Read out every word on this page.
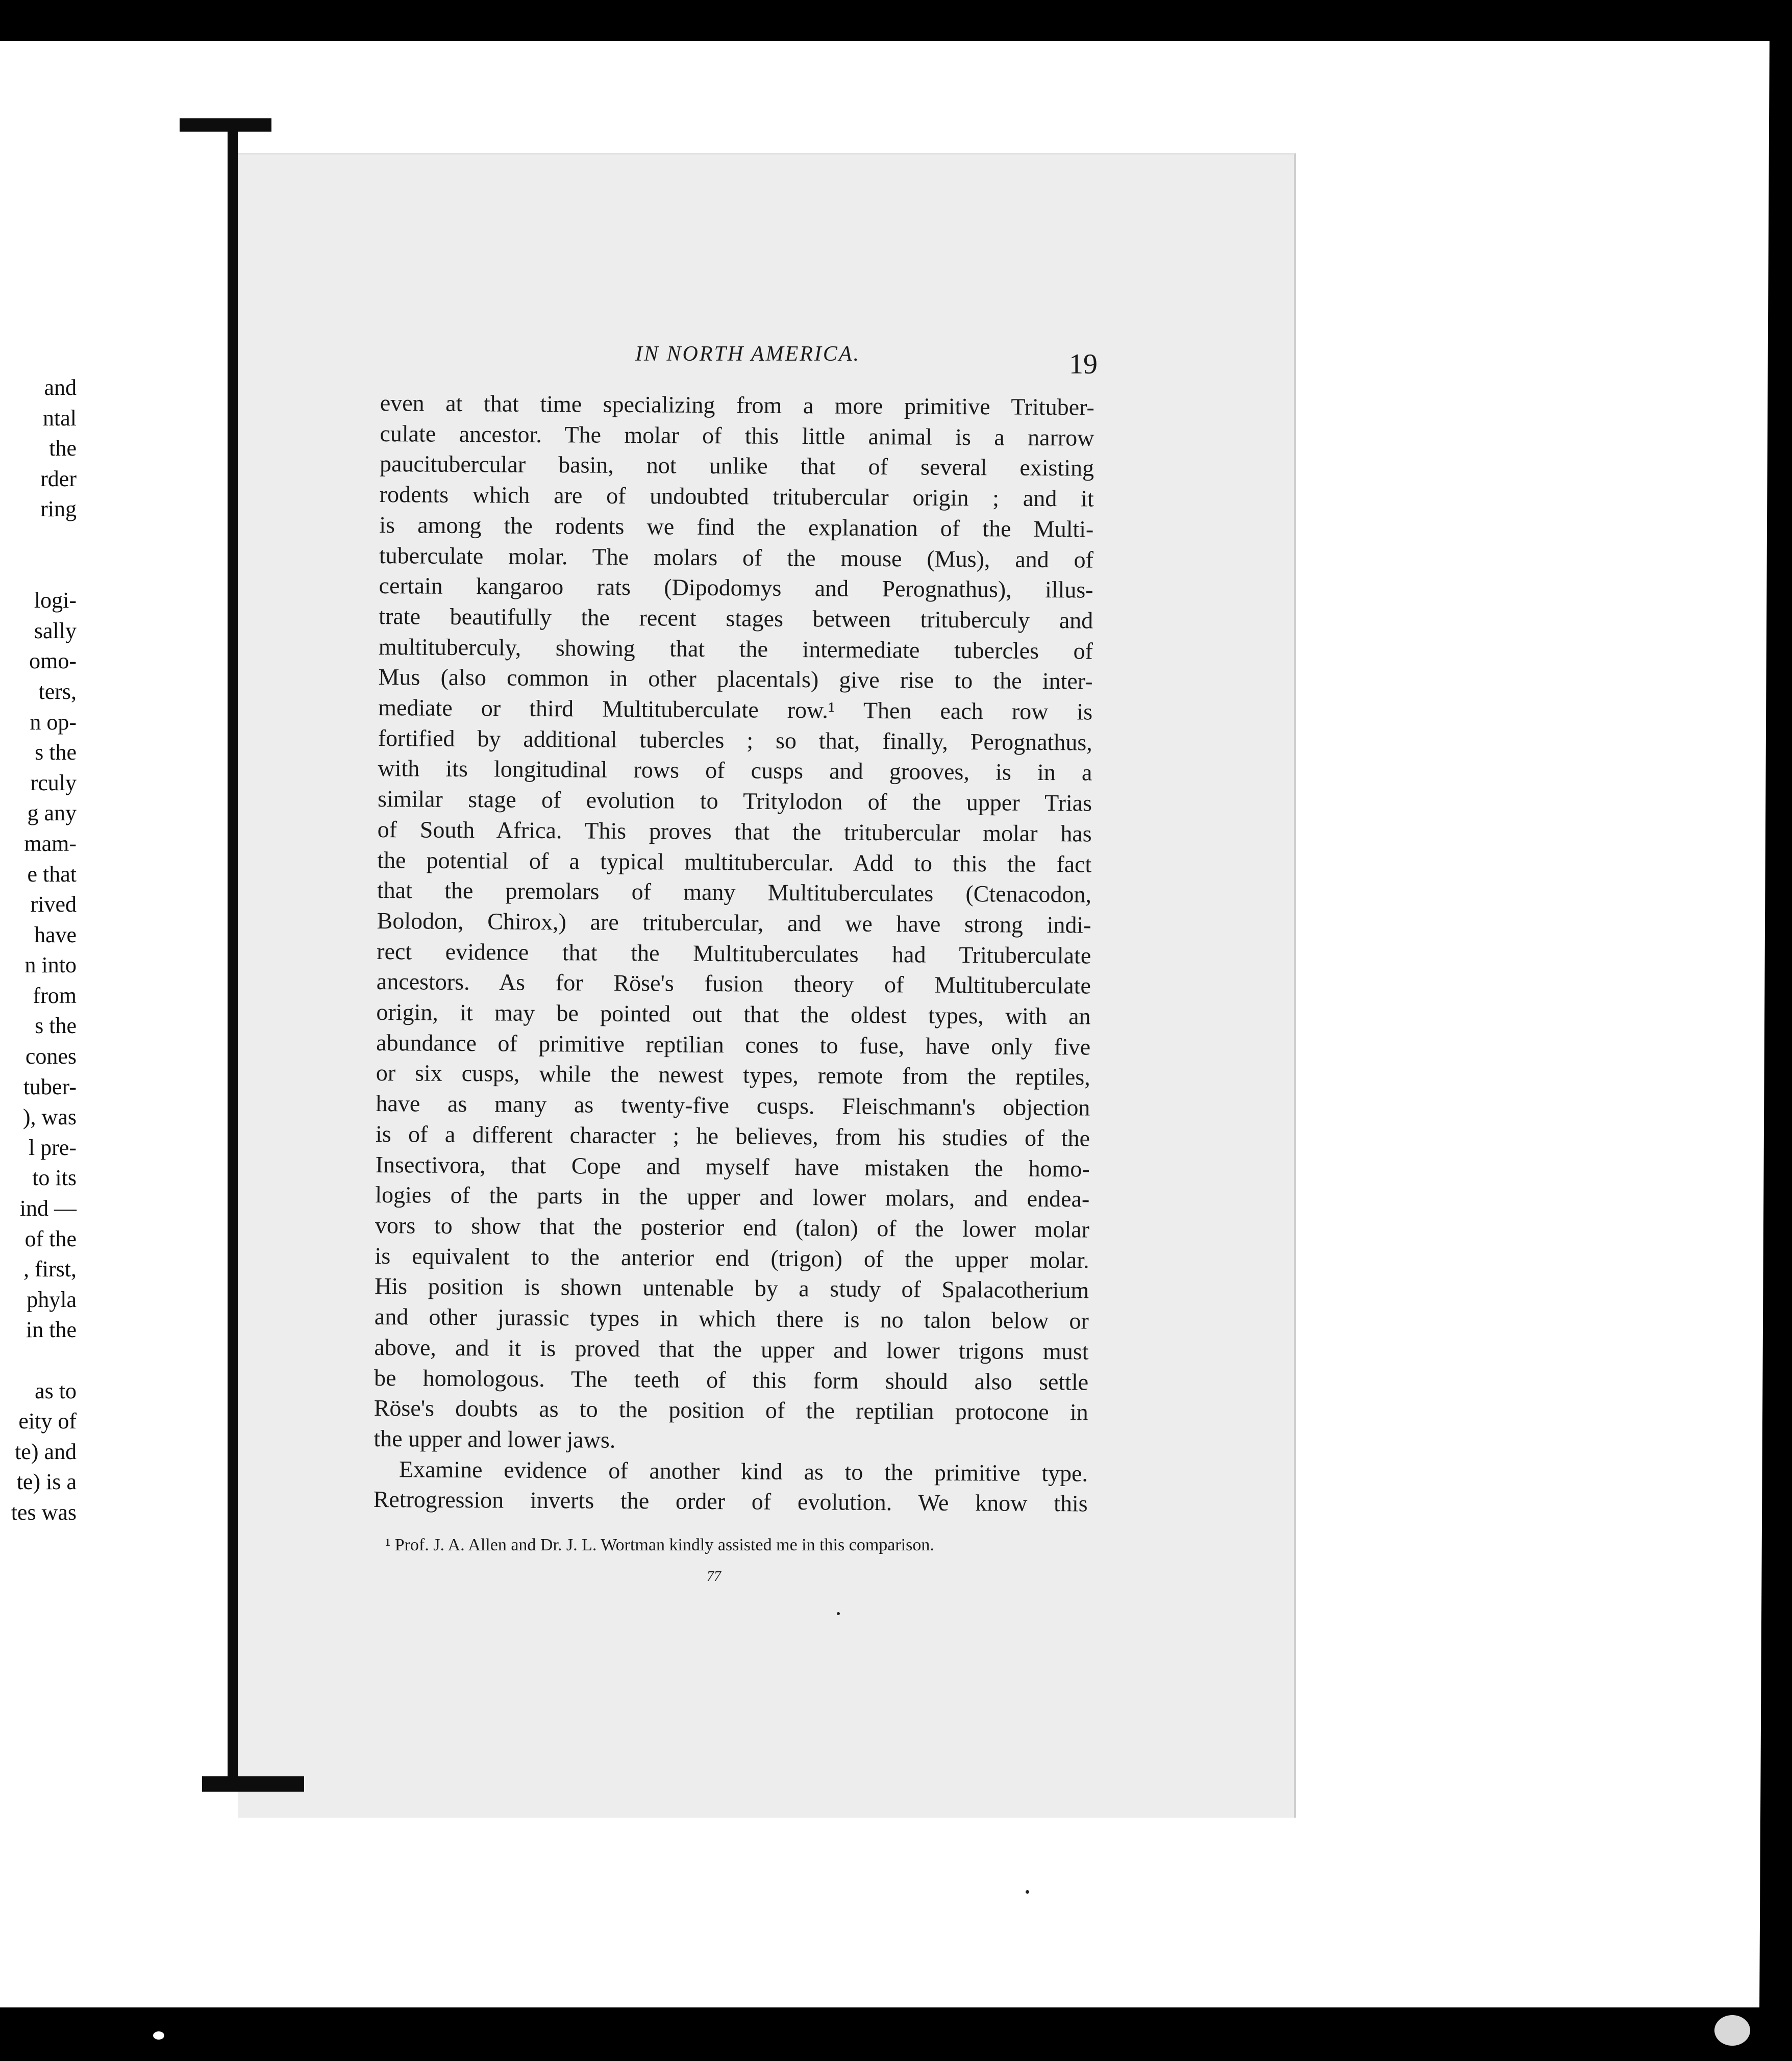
and
ntal
the
rder
ring
logi-
sally
omo-
ters,
n op-
s the
rculy
g any
mam-
e that
rived
have
n into
from
s the
cones
tuber-
), was
l pre-
to its
ind —
of the
, first,
phyla
in the
as to
eity of
te) and
te) is a
tes was
IN NORTH AMERICA.	19
even at that time specializing from a more primitive Trituber-
culate ancestor. The molar of this little animal is a narrow
paucitubercular basin, not unlike that of several existing
rodents which are of undoubted tritubercular origin ; and it
is among the rodents we find the explanation of the Multi-
tuberculate molar. The molars of the mouse (Mus), and of
certain kangaroo rats (Dipodomys and Perognathus), illus-
trate beautifully the recent stages between trituberculy and
multituberculy, showing that the intermediate tubercles of
Mus (also common in other placentals) give rise to the inter-
mediate or third Multituberculate row.¹ Then each row is
fortified by additional tubercles ; so that, finally, Perognathus,
with its longitudinal rows of cusps and grooves, is in a
similar stage of evolution to Tritylodon of the upper Trias
of South Africa. This proves that the tritubercular molar has
the potential of a typical multitubercular. Add to this the fact
that the premolars of many Multituberculates (Ctenacodon,
Bolodon, Chirox,) are tritubercular, and we have strong indi-
rect evidence that the Multituberculates had Trituberculate
ancestors. As for Röse's fusion theory of Multituberculate
origin, it may be pointed out that the oldest types, with an
abundance of primitive reptilian cones to fuse, have only five
or six cusps, while the newest types, remote from the reptiles,
have as many as twenty-five cusps. Fleischmann's objection
is of a different character ; he believes, from his studies of the
Insectivora, that Cope and myself have mistaken the homo-
logies of the parts in the upper and lower molars, and endea-
vors to show that the posterior end (talon) of the lower molar
is equivalent to the anterior end (trigon) of the upper molar.
His position is shown untenable by a study of Spalacotherium
and other jurassic types in which there is no talon below or
above, and it is proved that the upper and lower trigons must
be homologous. The teeth of this form should also settle
Röse's doubts as to the position of the reptilian protocone in
the upper and lower jaws.
Examine evidence of another kind as to the primitive type.
Retrogression inverts the order of evolution. We know this
¹ Prof. J. A. Allen and Dr. J. L. Wortman kindly assisted me in this comparison.
77
